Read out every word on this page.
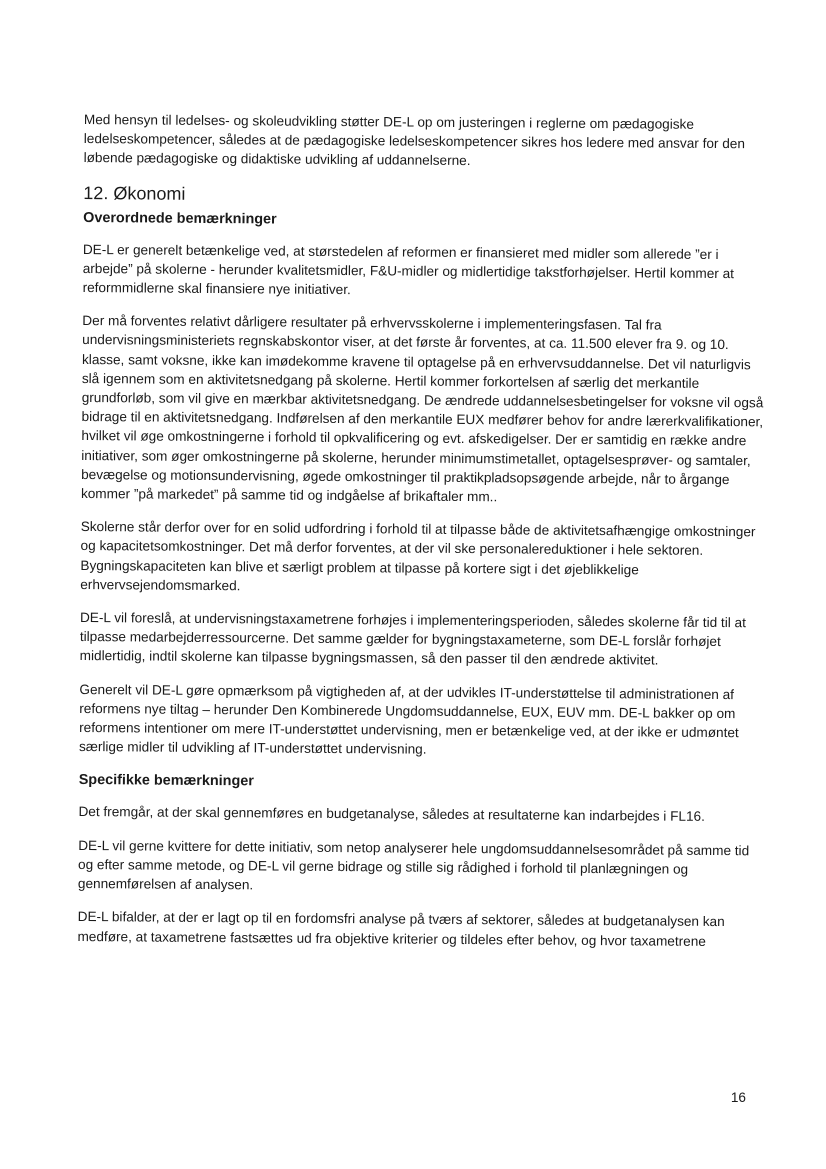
Med hensyn til ledelses- og skoleudvikling støtter DE-L op om justeringen i reglerne om pædagogiske ledelseskompetencer, således at de pædagogiske ledelseskompetencer sikres hos ledere med ansvar for den løbende pædagogiske og didaktiske udvikling af uddannelserne.

12. Økonomi
Overordnede bemærkninger

DE-L er generelt betænkelige ved, at størstedelen af reformen er finansieret med midler som allerede ”er i arbejde” på skolerne - herunder kvalitetsmidler, F&U-midler og midlertidige takstforhøjelser. Hertil kommer at reformmidlerne skal finansiere nye initiativer.

Der må forventes relativt dårligere resultater på erhvervsskolerne i implementeringsfasen. Tal fra undervisningsministeriets regnskabskontor viser, at det første år forventes, at ca. 11.500 elever fra 9. og 10. klasse, samt voksne, ikke kan imødekomme kravene til optagelse på en erhvervsuddannelse. Det vil naturligvis slå igennem som en aktivitetsnedgang på skolerne. Hertil kommer forkortelsen af særlig det merkantile grundforløb, som vil give en mærkbar aktivitetsnedgang. De ændrede uddannelsesbetingelser for voksne vil også bidrage til en aktivitetsnedgang. Indførelsen af den merkantile EUX medfører behov for andre lærerkvalifikationer, hvilket vil øge omkostningerne i forhold til opkvalificering og evt. afskedigelser. Der er samtidig en række andre initiativer, som øger omkostningerne på skolerne, herunder minimumstimetallet, optagelsesprøver- og samtaler, bevægelse og motionsundervisning, øgede omkostninger til praktikpladsopsøgende arbejde, når to årgange kommer ”på markedet” på samme tid og indgåelse af brikaftaler mm..

Skolerne står derfor over for en solid udfordring i forhold til at tilpasse både de aktivitetsafhængige omkostninger og kapacitetsomkostninger. Det må derfor forventes, at der vil ske personalereduktioner i hele sektoren. Bygningskapaciteten kan blive et særligt problem at tilpasse på kortere sigt i det øjeblikkelige erhvervsejendomsmarked.

DE-L vil foreslå, at undervisningstaxametrene forhøjes i implementeringsperioden, således skolerne får tid til at tilpasse medarbejderressourcerne. Det samme gælder for bygningstaxameterne, som DE-L forslår forhøjet midlertidig, indtil skolerne kan tilpasse bygningsmassen, så den passer til den ændrede aktivitet.

Generelt vil DE-L gøre opmærksom på vigtigheden af, at der udvikles IT-understøttelse til administrationen af reformens nye tiltag – herunder Den Kombinerede Ungdomsuddannelse, EUX, EUV mm. DE-L bakker op om reformens intentioner om mere IT-understøttet undervisning, men er betænkelige ved, at der ikke er udmøntet særlige midler til udvikling af IT-understøttet undervisning.

Specifikke bemærkninger

Det fremgår, at der skal gennemføres en budgetanalyse, således at resultaterne kan indarbejdes i FL16.

DE-L vil gerne kvittere for dette initiativ, som netop analyserer hele ungdomsuddannelsesområdet på samme tid og efter samme metode, og DE-L vil gerne bidrage og stille sig rådighed i forhold til planlægningen og gennemførelsen af analysen.

DE-L bifalder, at der er lagt op til en fordomsfri analyse på tværs af sektorer, således at budgetanalysen kan medføre, at taxametrene fastsættes ud fra objektive kriterier og tildeles efter behov, og hvor taxametrene

16
